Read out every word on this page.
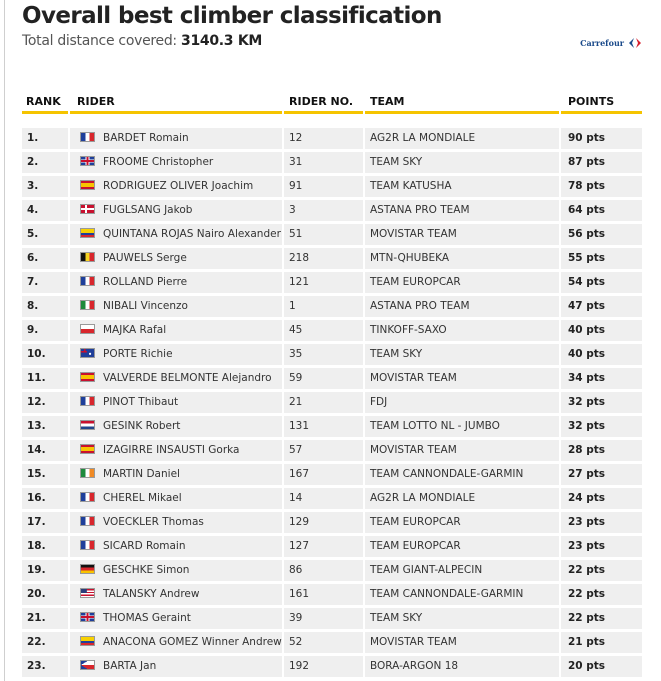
Overall best climber classification
Total distance covered: 3140.3 KM	Carrefour
RANK	RIDER	RIDER NO.	TEAM	POINTS
1.	BARDET Romain	12	AG2R LA MONDIALE	90 pts
2.	FROOME Christopher	31	TEAM SKY	87 pts
3.	RODRIGUEZ OLIVER Joachim	91	TEAM KATUSHA	78 pts
4.	FUGLSANG Jakob	3	ASTANA PRO TEAM	64 pts
5.	QUINTANA ROJAS Nairo Alexander 51	MOVISTAR TEAM	56 pts
6.	PAUWELS Serge	218	MTN-QHUBEKA	55 pts
7.	ROLLAND Pierre	121	TEAM EUROPCAR	54 pts
8.	NIBALI Vincenzo	1	ASTANA PRO TEAM	47 pts
9.	MAJKA Rafal	45	TINKOFF-SAXO	40 pts
10.	PORTE Richie	35	TEAM SKY	40 pts
11.	VALVERDE BELMONTE Alejandro	59	MOVISTAR TEAM	34 pts
12.	PINOT Thibaut	21	FDJ	32 pts
13.	GESINK Robert	131	TEAM LOTTO NL - JUMBO	32 pts
14.	IZAGIRRE INSAUSTI Gorka	57	MOVISTAR TEAM	28 pts
15.	MARTIN Daniel	167	TEAM CANNONDALE-GARMIN	27 pts
16.	CHEREL Mikael	14	AG2R LA MONDIALE	24 pts
17.	VOECKLER Thomas	129	TEAM EUROPCAR	23 pts
18.	SICARD Romain	127	TEAM EUROPCAR	23 pts
19.	GESCHKE Simon	86	TEAM GIANT-ALPECIN	22 pts
20.	TALANSKY Andrew	161	TEAM CANNONDALE-GARMIN	22 pts
21.	THOMAS Geraint	39	TEAM SKY	22 pts
22.	ANACONA GOMEZ Winner Andrew 52	MOVISTAR TEAM	21 pts
23.	BARTA Jan	192	BORA-ARGON 18	20 pts
